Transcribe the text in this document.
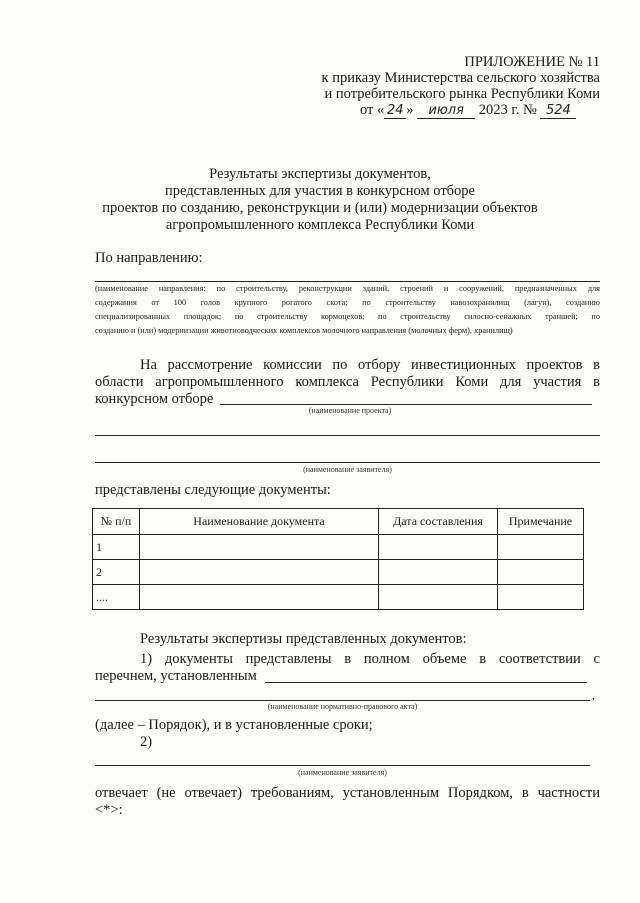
ПРИЛОЖЕНИЕ № 11
к приказу Министерства сельского хозяйства
и потребительского рынка Республики Коми
от « 24 » июля 2023 г. № 524
Результаты экспертизы документов,
представленных для участия в конкурсном отборе
проектов по созданию, реконструкции и (или) модернизации объектов
агропромышленного комплекса Республики Коми
По направлению:
(наименование направления: по строительству, реконструкции зданий, строений и сооружений, предназначенных для
содержания от 100 голов крупного рогатого скота; по строительству навозохранилищ (лагун), созданию
специализированных площадок; по строительству кормоцехов; по строительству силосно-сенажных траншей; по
созданию и (или) модернизации животноводческих комплексов молочного направления (молочных ферм), хранилищ)
На рассмотрение комиссии по отбору инвестиционных проектов в
области агропромышленного комплекса Республики Коми для участия в
конкурсном отборе
(наименование проекта)
(наименование заявителя)
представлены следующие документы:
№ п/п	Наименование документа	Дата составления	Примечание
1			
2			
....			
Результаты экспертизы представленных документов:
1) документы представлены в полном объеме в соответствии с
перечнем, установленным
,
(наименование нормативно-правового акта)
(далее – Порядок), и в установленные сроки;
2)
(наименование заявителя)
отвечает (не отвечает) требованиям, установленным Порядком, в частности
<*>:
